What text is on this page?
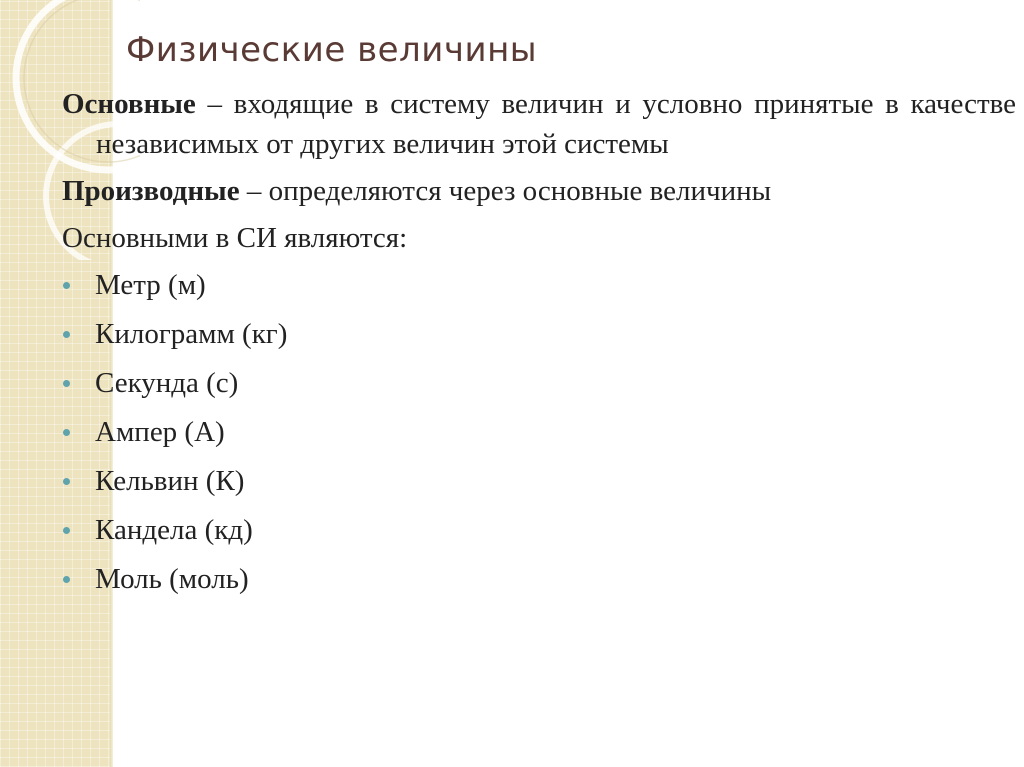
Физические величины

Основные – входящие в систему величин и условно принятые в качестве независимых от других величин этой системы

Производные – определяются через основные величины

Основными в СИ являются:

Метр (м)
Килограмм (кг)
Секунда (с)
Ампер (А)
Кельвин (К)
Кандела (кд)
Моль (моль)
